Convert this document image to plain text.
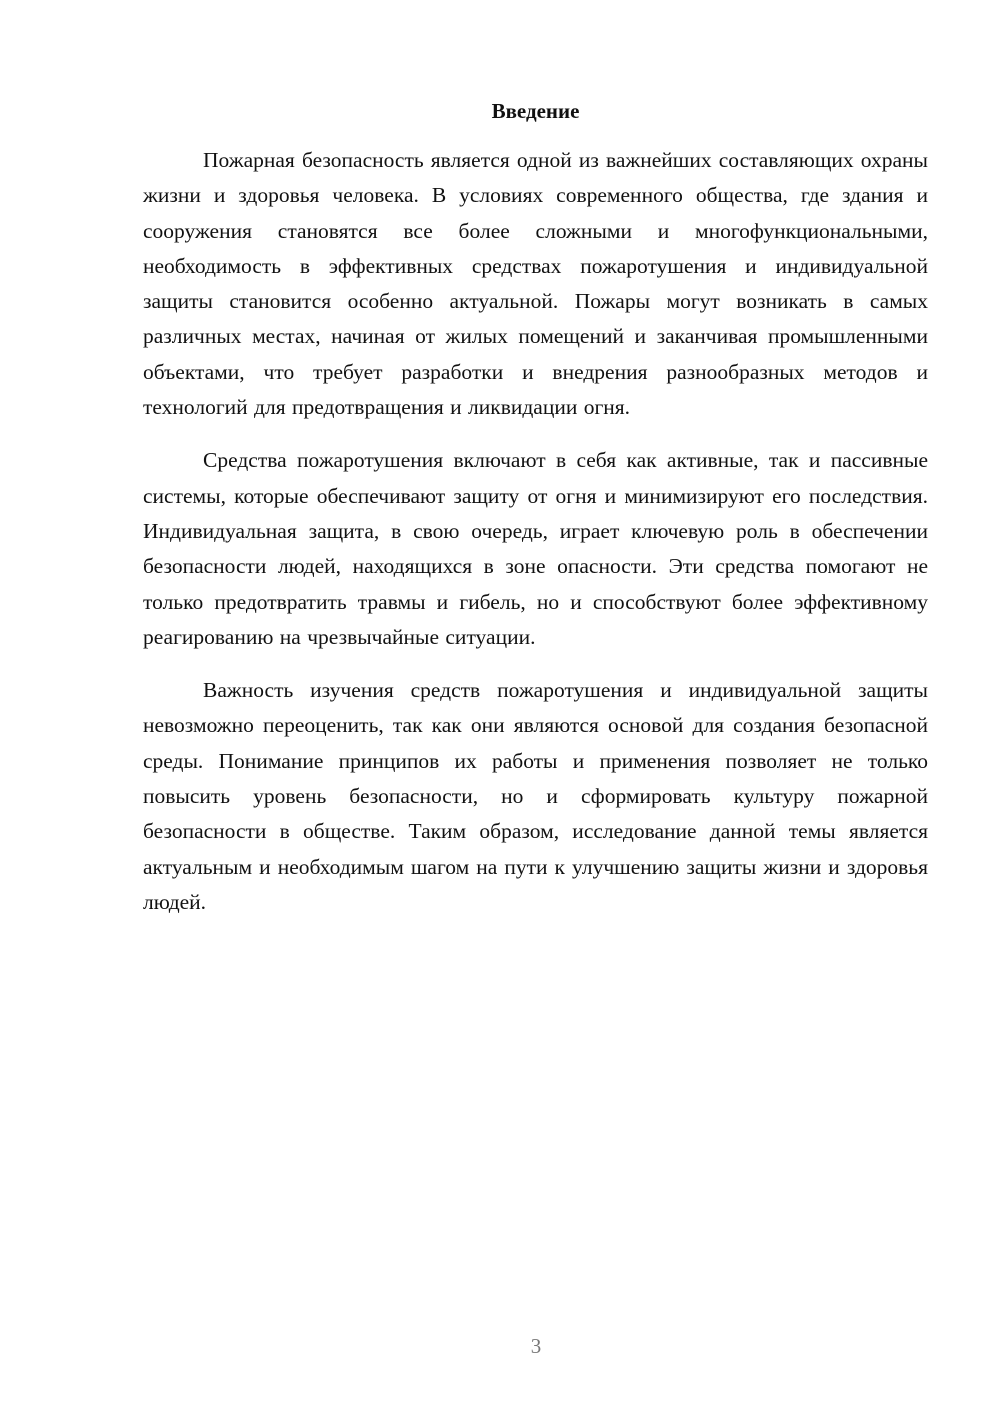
Введение

Пожарная безопасность является одной из важнейших составляющих охраны жизни и здоровья человека. В условиях современного общества, где здания и сооружения становятся все более сложными и многофункциональными, необходимость в эффективных средствах пожаротушения и индивидуальной защиты становится особенно актуальной. Пожары могут возникать в самых различных местах, начиная от жилых помещений и заканчивая промышленными объектами, что требует разработки и внедрения разнообразных методов и технологий для предотвращения и ликвидации огня.

Средства пожаротушения включают в себя как активные, так и пассивные системы, которые обеспечивают защиту от огня и минимизируют его последствия. Индивидуальная защита, в свою очередь, играет ключевую роль в обеспечении безопасности людей, находящихся в зоне опасности. Эти средства помогают не только предотвратить травмы и гибель, но и способствуют более эффективному реагированию на чрезвычайные ситуации.

Важность изучения средств пожаротушения и индивидуальной защиты невозможно переоценить, так как они являются основой для создания безопасной среды. Понимание принципов их работы и применения позволяет не только повысить уровень безопасности, но и сформировать культуру пожарной безопасности в обществе. Таким образом, исследование данной темы является актуальным и необходимым шагом на пути к улучшению защиты жизни и здоровья людей.

3
